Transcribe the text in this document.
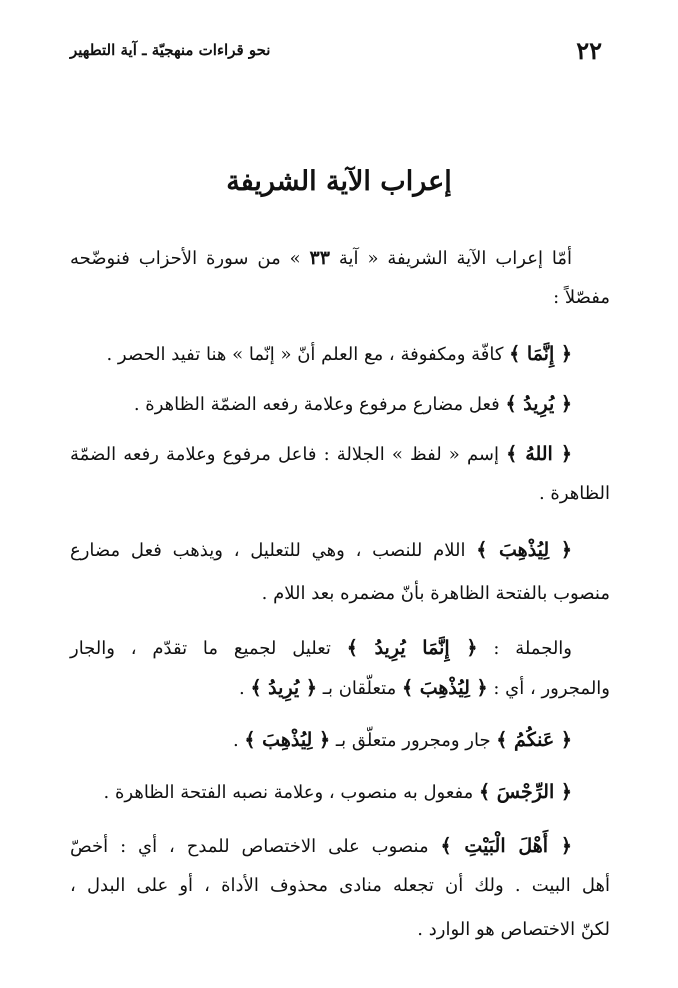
٢٢
نحو قراءات منهجيّة ـ آية التطهير
إعراب الآية الشريفة
أمّا إعراب الآية الشريفة « آية ٣٣ » من سورة الأحزاب فنوضّحه
مفصّلاً :
﴿ إِنَّمَا ﴾ كافّة ومكفوفة ، مع العلم أنّ « إنّما » هنا تفيد الحصر .
﴿ يُرِيدُ ﴾ فعل مضارع مرفوع وعلامة رفعه الضمّة الظاهرة .
﴿ اللهُ ﴾ إسم « لفظ » الجلالة : فاعل مرفوع وعلامة رفعه الضمّة
الظاهرة .
﴿ لِيُذْهِبَ ﴾ اللام للنصب ، وهي للتعليل ، ويذهب فعل مضارع
منصوب بالفتحة الظاهرة بأنّ مضمره بعد اللام .
والجملة : ﴿ إِنَّمَا يُرِيدُ ﴾ تعليل لجميع ما تقدّم ، والجار
والمجرور ، أي : ﴿ لِيُذْهِبَ ﴾ متعلّقان بـ ﴿ يُرِيدُ ﴾ .
﴿ عَنكُمُ ﴾ جار ومجرور متعلّق بـ ﴿ لِيُذْهِبَ ﴾ .
﴿ الرِّجْسَ ﴾ مفعول به منصوب ، وعلامة نصبه الفتحة الظاهرة .
﴿ أَهْلَ الْبَيْتِ ﴾ منصوب على الاختصاص للمدح ، أي : أخصّ
أهل البيت . ولك أن تجعله منادى محذوف الأداة ، أو على البدل ،
لكنّ الاختصاص هو الوارد .
